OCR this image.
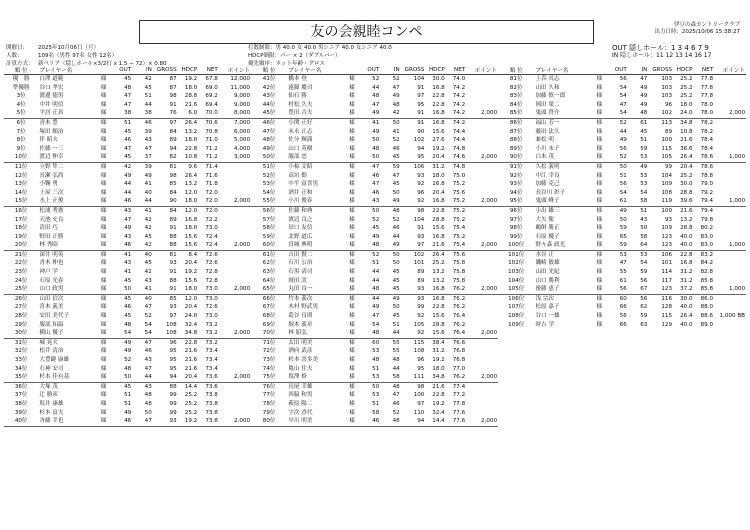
友の会親睦コンペ	伊豆の森カントリークラブ
出力日時：2025/10/06 15:38:27
開催日：	2025年10月06日（月）
人数：	109名（男性 97名 女性 12名）
計算方式： 新ペリア（隠しホール×3/2打 x 1.5 − 72）× 0.80
打数制限：男 40.0 女 40.0 男シニア 40.0 女シニア 40.0
HDCP制限：パー × 2（ダブルパー）
優先順序：ネット年齢・グロス
OUT 隠しホール：1 3 4 6 7 9
IN 隠しホール：11 12 13 14 16 17
順 位	プレイヤー名		OUT	IN	GROSS	HDCP	NET	ポイント
優　勝	白澤 道範	様	45	42	87	19.2	67.8	12,000
準優勝	谷口 孝宏	様	48	45	87	18.0	69.0	11,000
3位	渡邊 徳男	様	47	51	98	28.8	69.2	9,000
4位	中井 明信	様	47	44	91	21.6	69.4	9,000
5位	平居 正真	様	38	38	76	6.0	70.0	8,000
6位	青木 豊	様	51	46	97	26.4	70.6	7,000
7位	塚田 順治	様	45	39	84	13.2	70.8	6,000
8位	伴 昭夫	様	46	43	89	18.0	71.0	5,000
9位	佐藤 一三	様	47	47	94	22.8	71.2	4,000
10位	渡辺 伸幸	様	45	37	82	10.8	71.2	3,000
11位	立野 隼二	様	42	39	81	9.6	71.4	
12位	長瀬 弘尚	様	49	49	98	26.4	71.6	
13位	小鞠 勇	様	44	41	85	13.2	71.8	
14位	土屋 三次	様	44	40	84	12.0	72.0	
15位	水上 正俊	様	46	44	90	18.0	72.0	2,000
16位	松浦 秀憲	様	43	41	84	12.0	72.0	
17位	天池 充良	様	47	42	89	16.8	72.2	
18位	清田 巧	様	49	42	91	18.0	73.0	
19位	野田 正勝	様	43	45	88	15.6	72.4	
20位	林 秀昭	様	46	42	88	15.6	72.4	2,000
21位	深井 明英	様	41	40	81	8.4	72.6	
22位	青木 伸也	様	43	45	93	20.4	72.6	
23位	神戸 学	様	41	42	91	19.2	72.8	
24位	石原 光春	様	45	43	88	15.6	72.8	
25位	山口 政男	様	50	41	91	18.0	73.0	2,000
26位	山田 信次	様	45	40	85	12.0	73.0	
27位	宮木 義美	様	46	47	93	20.4	72.6	
28位	安田 美代子	様	45	52	97	24.0	73.0	
29位	服部 知温	様	48	54	108	32.4	73.2	
30位	横山 優子	様	54	54	108	34.8	73.2	2,000
31位	城 晃夫	様	49	47	96	22.8	73.2	
32位	松井 清治	様	49	46	95	21.6	73.4	
33位	大豊鍵 康雄	様	52	43	95	21.6	73.4	
34位	石神 安司	様	48	47	95	21.6	73.4	
35位	杉本 佳有基	様	50	44	94	20.4	73.6	2,000
36位	大塚 茂	様	45	43	88	14.4	73.6	
37位	辻 勝彦	様	51	48	99	25.2	73.8	
38位	坂井 康雄	様	51	48	99	25.2	73.8	
39位	杉本 富夫	様	49	50	99	25.2	73.8	
40位	斉藤 幸也	様	46	47	93	19.2	73.8	2,000
順 位	プレイヤー名		OUT	IN	GROSS	HDCP	NET	ポイント
41位	橋本 登	様	52	52	104	30.0	74.0	
42位	遠藤 慶司	様	44	47	91	16.8	74.2	
43位	仙石 勝	様	48	49	97	22.8	74.2	
44位	村松 久夫	様	47	48	95	22.8	74.2	
45位	豊田 吉夫	様	49	42	91	16.8	74.2	2,000
46位	小関 正好	様	41	50	91	16.8	74.2	
47位	末永 正志	様	49	41	90	15.6	74.4	
48位	佐分 輝満	様	50	52	102	27.6	74.4	
49位	山口 英樹	様	48	46	94	19.2	74.8	
50位	服部 忠	様	50	45	95	20.4	74.6	2,000
51位	小椋 文昭	様	47	59	106	31.2	74.8	
52位	高垣 勤	様	46	47	93	18.0	75.0	
53位	中平 富喜男	様	47	45	92	16.8	75.2	
54位	酒井 正和	様	46	50	96	20.4	75.6	
55位	小川 俊春	様	43	49	92	16.8	75.2	2,000
56位	佐藤 和典	様	50	48	98	22.8	75.2	
57位	渡辺 良之	様	52	52	104	28.8	75.2	
58位	田口 友信	様	45	46	91	15.6	75.4	
59位	北野 道広	様	49	44	93	16.8	75.2	
60位	宮城 典明	様	48	49	97	21.6	75.4	2,000
61位	吉田 賢二	様	52	50	102	26.4	75.6	
62位	石川 公治	様	51	50	101	25.2	75.8	
63位	石黒 清司	様	44	45	89	13.2	75.8	
64位	岡田 実	様	44	45	89	13.2	75.8	
65位	丸田 良一	様	48	45	93	16.8	76.2	2,000
66位	竹本 義次	様	44	49	93	16.8	76.2	
67位	木村 野武男	様	49	50	99	22.8	76.2	
68位	葛谷 良則	様	47	45	92	15.6	76.4	
69位	堀木 義章	様	54	51	105	28.8	76.2	
70位	林 昭弘	様	48	44	92	15.6	76.4	2,000
71位	太田 明美	様	60	55	115	38.4	76.6	
72位	酒向 武彦	様	53	55	108	31.2	76.8	
73位	杉本 喜多美	様	48	48	96	19.2	76.8	
74位	亀山 住夫	様	51	44	95	18.0	77.0	
75位	塩澤 修	様	53	58	111	34.8	76.2	2,000
76位	長尾 幸雄	様	50	48	98	21.6	77.4	
77位	西脇 和男	様	53	47	100	22.8	77.2	
78位	萩原 陽二	様	51	46	97	19.2	77.8	
79位	宇次 香代	様	58	52	110	32.4	77.6	
80位	早川 明美	様	46	48	94	14.4	77.6	2,000
順 位	プレイヤー名		OUT	IN	GROSS	HDCP	NET	ポイント
81位	上呑 長志	様	56	47	103	25.2	77.8	
82位	山田 久和	様	54	49	103	25.2	77.8	
83位	加藤 慎一郎	様	54	49	103	25.2	77.8	
84位	岡田 榮二	様	47	49	96	18.0	78.0	
85位	鬼頭 啓介	様	54	48	102	24.0	78.0	2,000
86位	福山 芳一	様	52	61	113	34.8	78.2	
87位	藤田 法久	様	44	45	89	10.8	78.2	
88位	兼松 明	様	49	51	100	21.6	78.4	
89位	小川 末子	様	56	59	115	36.6	78.4	
90位	白木 茂	様	52	53	105	26.4	78.6	1,000
91位	久松 義明	様	50	49	99	20.4	78.6	
92位	中江 幸良	様	51	53	104	25.2	78.8	
93位	加藤 克己	様	56	53	109	30.0	79.0	
94位	長谷川 彰子	様	54	54	108	28.8	79.2	
95位	鬼頭 峰子	様	61	58	119	39.6	79.4	1,000
96位	小出 雄三	様	49	51	100	21.6	79.4	
97位	大矢 衛	様	50	43	93	13.2	79.8	
98位	鵜飼 勝正	様	59	50	109	28.8	80.2	
99位	石原 優子	様	65	58	123	40.0	83.0	
100位	野々森 政光	様	59	64	123	40.0	83.0	1,000
101位	水谷 正	様	53	53	106	22.8	83.2	
102位	磯崎 敏雄	様	47	54	101	16.8	84.2	
103位	山田 光紀	様	55	59	114	31.2	82.8	
104位	山口 勝利	様	61	56	117	31.2	85.8	
105位	後藤 恵子	様	56	67	123	37.2	85.8	1,000
106位	浅 宗次	様	60	56	116	30.0	86.0	
107位	松原 嘉子	様	66	62	128	40.0	88.0	
108位	谷口 一雄	様	56	59	115	26.4	88.6	1,000 BB
109位	時吉 学	様	66	63	129	40.0	89.0	
